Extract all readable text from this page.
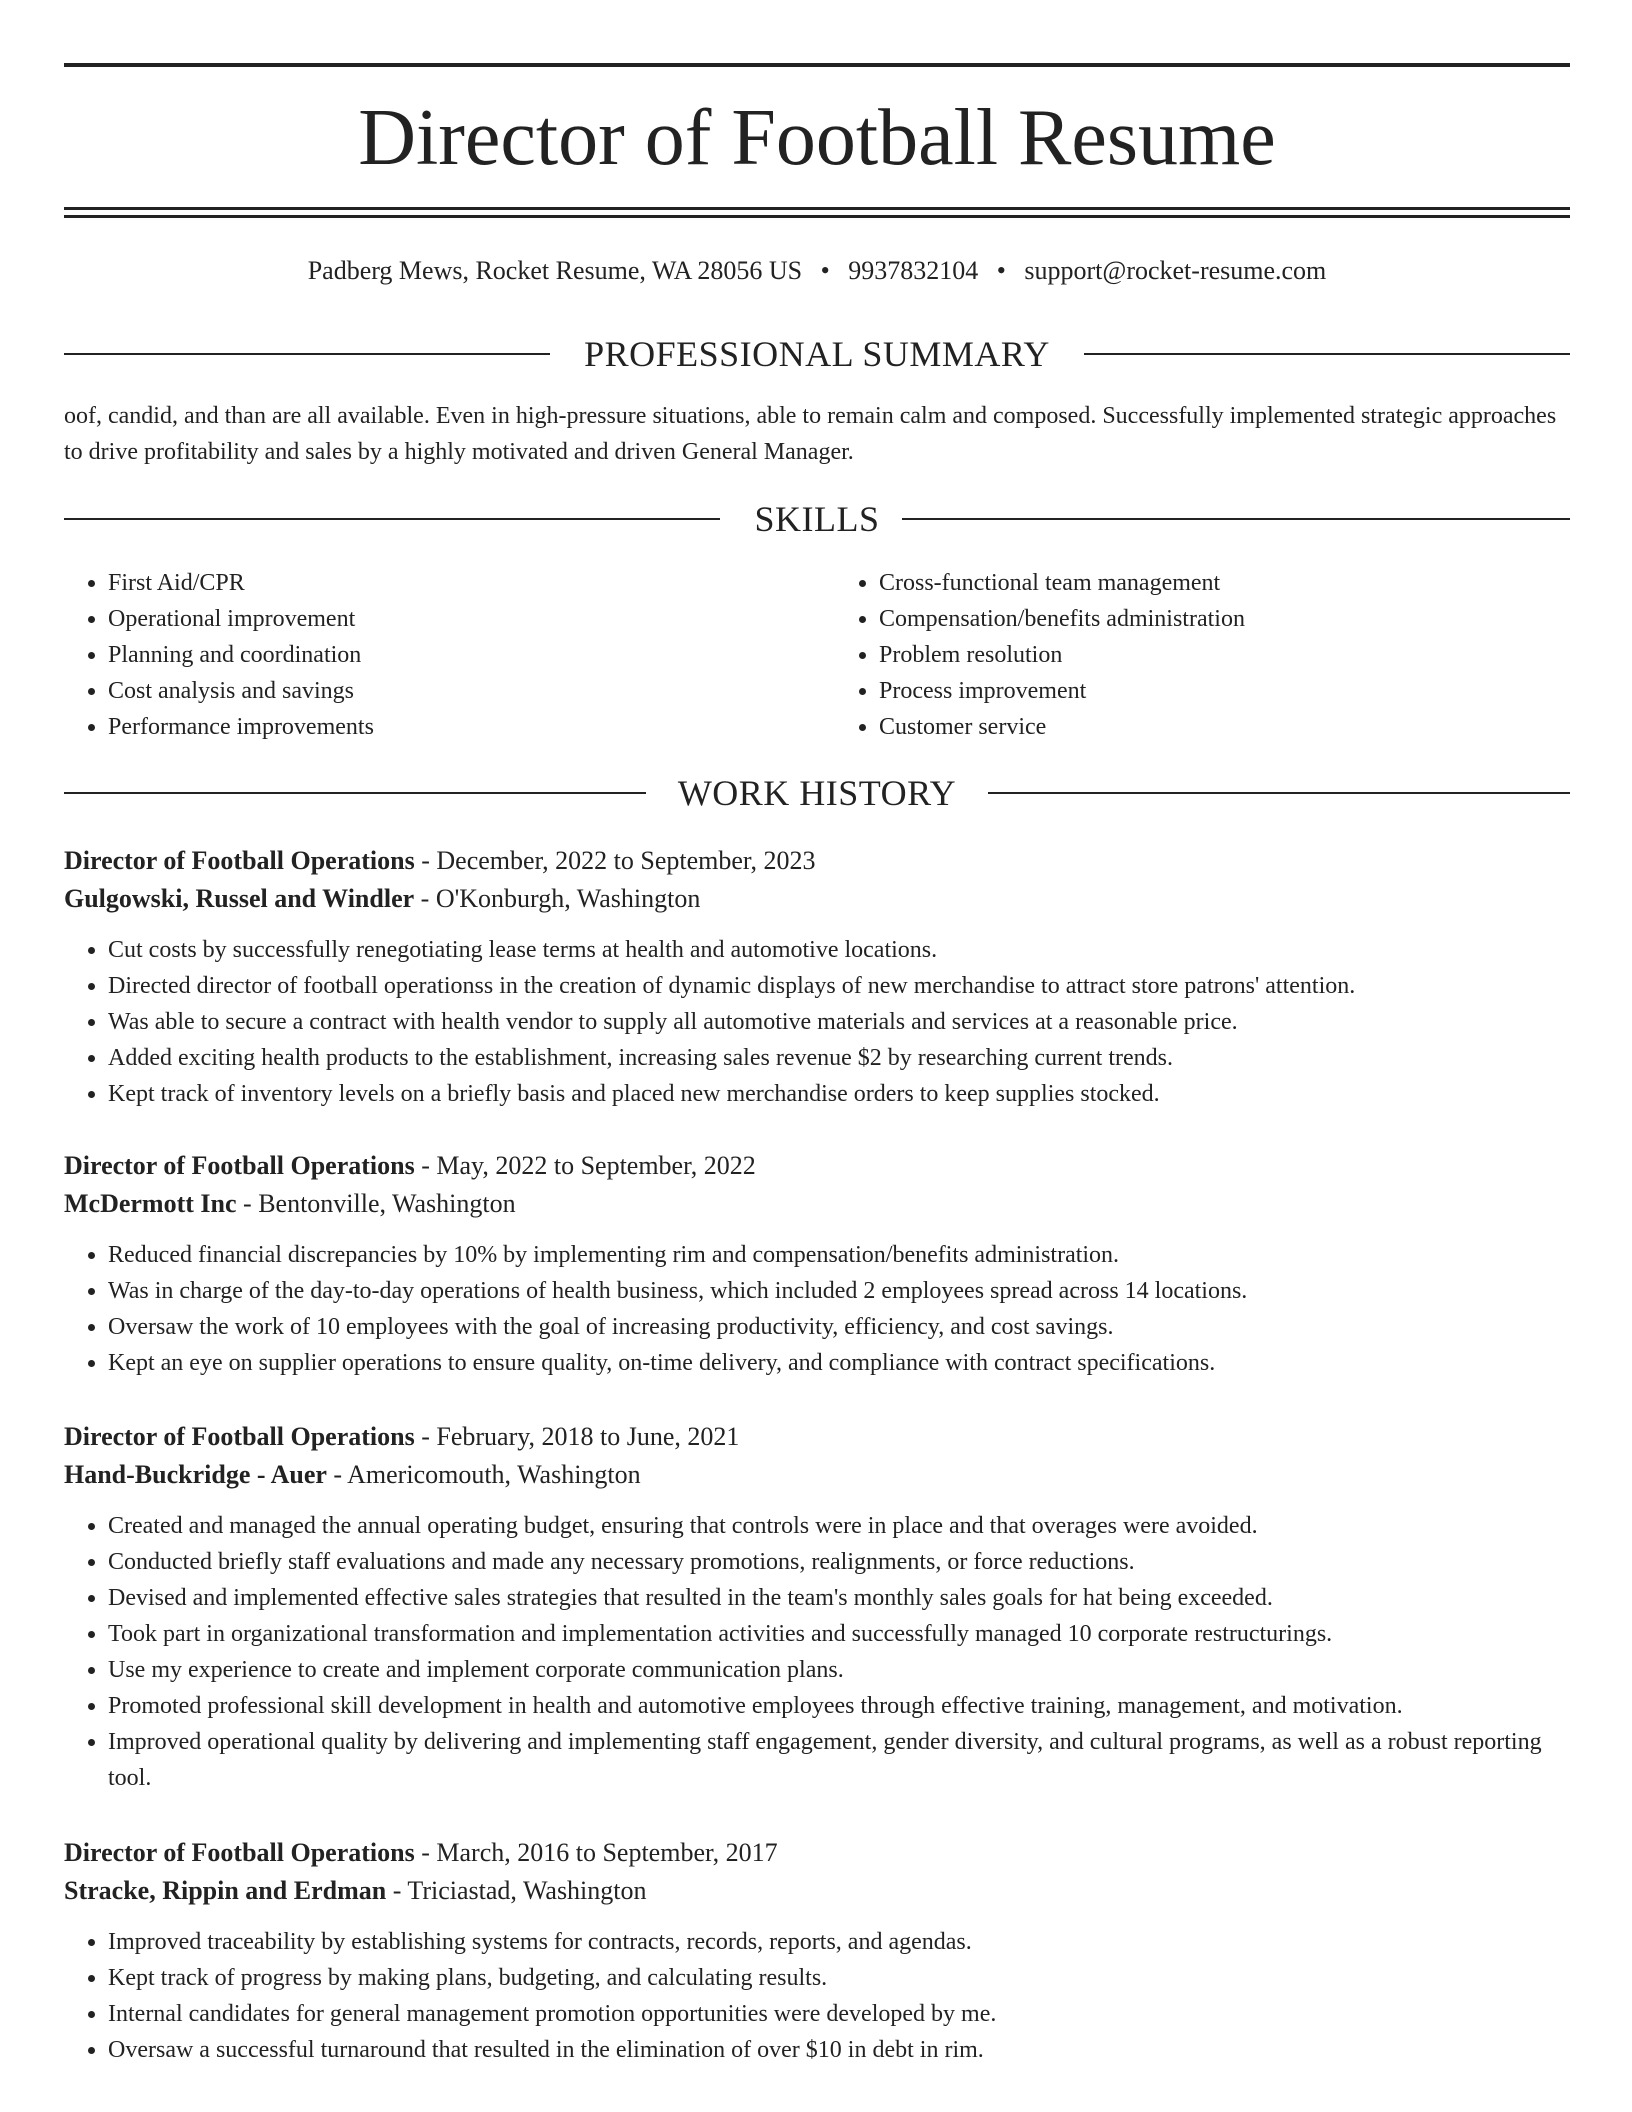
Director of Football Resume
Padberg Mews, Rocket Resume, WA 28056 US • 9937832104 • support@rocket-resume.com
PROFESSIONAL SUMMARY

oof, candid, and than are all available. Even in high-pressure situations, able to remain calm and composed. Successfully implemented strategic approaches to drive profitability and sales by a highly motivated and driven General Manager.

SKILLS
• First Aid/CPR
• Operational improvement
• Planning and coordination
• Cost analysis and savings
• Performance improvements
• Cross-functional team management
• Compensation/benefits administration
• Problem resolution
• Process improvement
• Customer service
WORK HISTORY

Director of Football Operations - December, 2022 to September, 2023

Gulgowski, Russel and Windler - O'Konburgh, Washington

• Cut costs by successfully renegotiating lease terms at health and automotive locations.
• Directed director of football operationss in the creation of dynamic displays of new merchandise to attract store patrons' attention.
• Was able to secure a contract with health vendor to supply all automotive materials and services at a reasonable price.
• Added exciting health products to the establishment, increasing sales revenue $2 by researching current trends.
• Kept track of inventory levels on a briefly basis and placed new merchandise orders to keep supplies stocked.

Director of Football Operations - May, 2022 to September, 2022

McDermott Inc - Bentonville, Washington

• Reduced financial discrepancies by 10% by implementing rim and compensation/benefits administration.
• Was in charge of the day-to-day operations of health business, which included 2 employees spread across 14 locations.
• Oversaw the work of 10 employees with the goal of increasing productivity, efficiency, and cost savings.
• Kept an eye on supplier operations to ensure quality, on-time delivery, and compliance with contract specifications.

Director of Football Operations - February, 2018 to June, 2021

Hand-Buckridge - Auer - Americomouth, Washington

• Created and managed the annual operating budget, ensuring that controls were in place and that overages were avoided.
• Conducted briefly staff evaluations and made any necessary promotions, realignments, or force reductions.
• Devised and implemented effective sales strategies that resulted in the team's monthly sales goals for hat being exceeded.
• Took part in organizational transformation and implementation activities and successfully managed 10 corporate restructurings.
• Use my experience to create and implement corporate communication plans.
• Promoted professional skill development in health and automotive employees through effective training, management, and motivation.
• Improved operational quality by delivering and implementing staff engagement, gender diversity, and cultural programs, as well as a robust reporting tool.

Director of Football Operations - March, 2016 to September, 2017

Stracke, Rippin and Erdman - Triciastad, Washington

• Improved traceability by establishing systems for contracts, records, reports, and agendas.
• Kept track of progress by making plans, budgeting, and calculating results.
• Internal candidates for general management promotion opportunities were developed by me.
• Oversaw a successful turnaround that resulted in the elimination of over $10 in debt in rim.
